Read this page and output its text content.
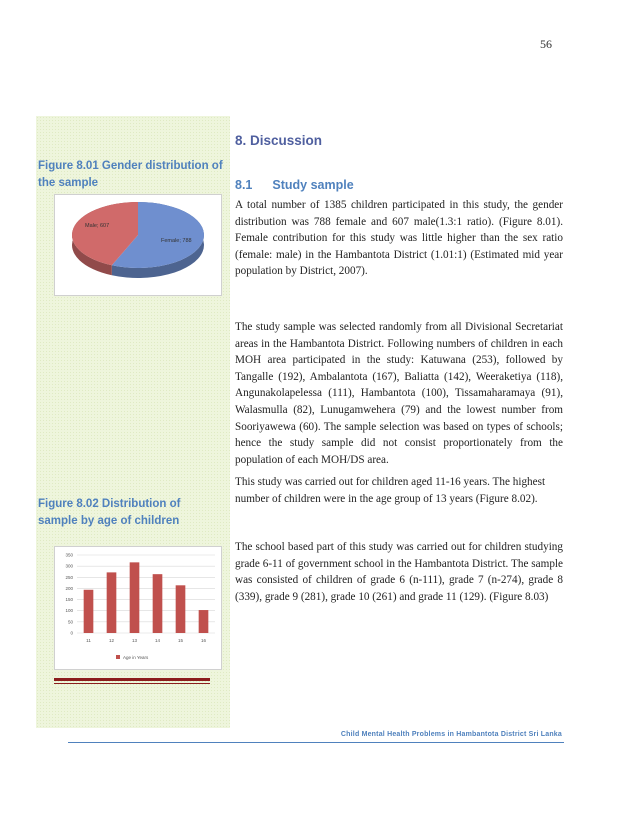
56
Figure 8.01 Gender distribution of the sample
Female; 788
Male; 607
Figure 8.02 Distribution of sample by age of children
0
50
100
150
200
250
300
350
11	12	13	14	15	16
Age in Years
8. Discussion
8.1 Study sample
A total number of 1385 children participated in this study, the gender distribution was 788 female and 607 male(1.3:1 ratio). (Figure 8.01). Female contribution for this study was little higher than the sex ratio (female: male) in the Hambantota District (1.01:1) (Estimated mid year population by District, 2007).
The study sample was selected randomly from all Divisional Secretariat areas in the Hambantota District. Following numbers of children in each MOH area participated in the study: Katuwana (253), followed by Tangalle (192), Ambalantota (167), Baliatta (142), Weeraketiya (118), Angunakolapelessa (111), Hambantota (100), Tissamaharamaya (91), Walasmulla (82), Lunugamwehera (79) and the lowest number from Sooriyawewa (60). The sample selection was based on types of schools; hence the study sample did not consist proportionately from the population of each MOH/DS area.
This study was carried out for children aged 11-16 years. The highest number of children were in the age group of 13 years (Figure 8.02).
The school based part of this study was carried out for children studying grade 6-11 of government school in the Hambantota District. The sample was consisted of children of grade 6 (n-111), grade 7 (n-274), grade 8 (339), grade 9 (281), grade 10 (261) and grade 11 (129). (Figure 8.03)
Child Mental Health Problems in Hambantota District Sri Lanka
